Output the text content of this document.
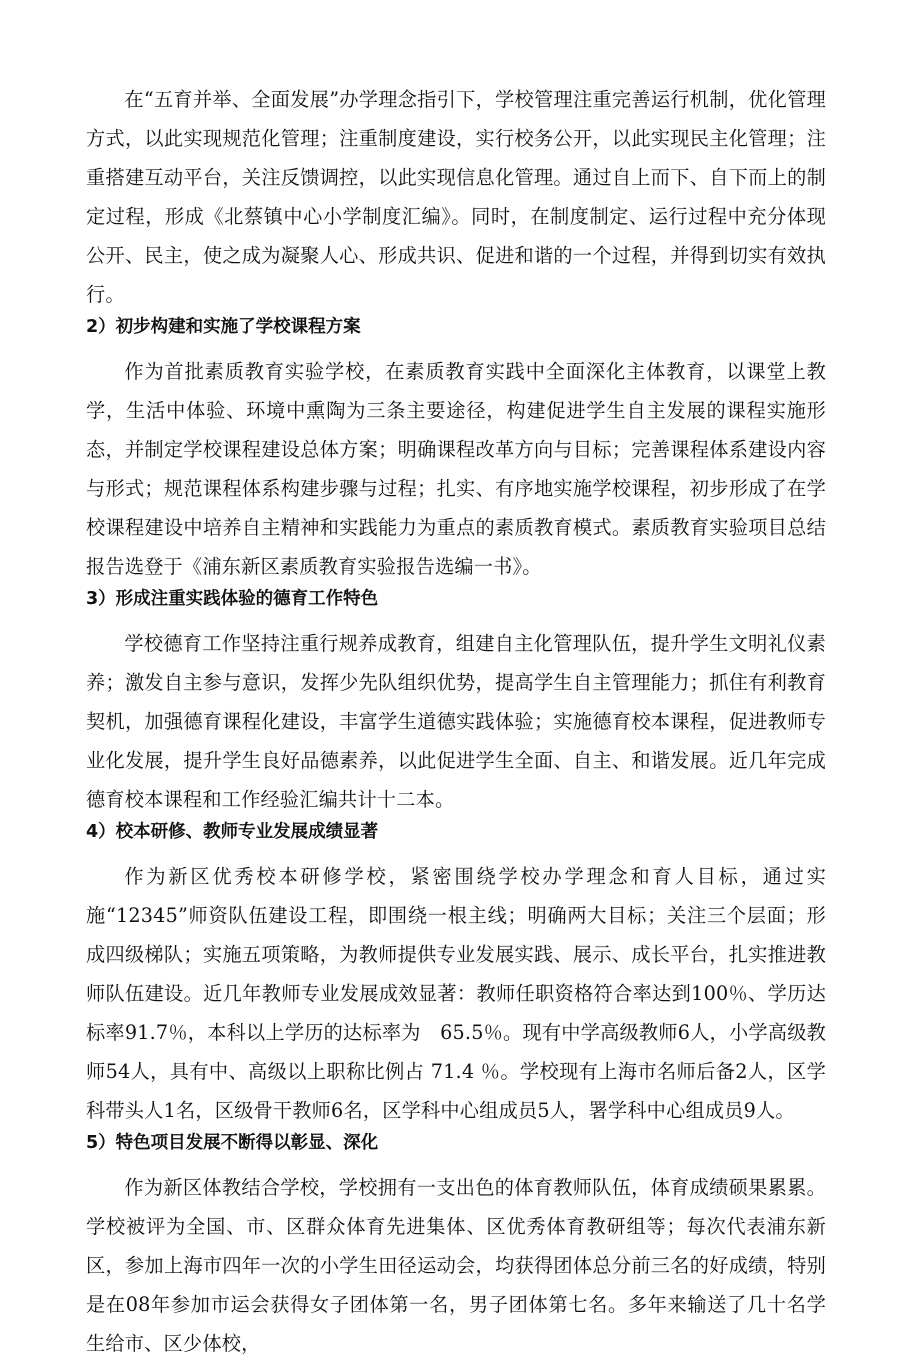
在“五育并举、全面发展”办学理念指引下，学校管理注重完善运行机制，优化管理方式，以此实现规范化管理；注重制度建设，实行校务公开，以此实现民主化管理；注重搭建互动平台，关注反馈调控，以此实现信息化管理。通过自上而下、自下而上的制定过程，形成《北蔡镇中心小学制度汇编》。同时，在制度制定、运行过程中充分体现公开、民主，使之成为凝聚人心、形成共识、促进和谐的一个过程，并得到切实有效执行。

2）初步构建和实施了学校课程方案

作为首批素质教育实验学校，在素质教育实践中全面深化主体教育，以课堂上教学，生活中体验、环境中熏陶为三条主要途径，构建促进学生自主发展的课程实施形态，并制定学校课程建设总体方案；明确课程改革方向与目标；完善课程体系建设内容与形式；规范课程体系构建步骤与过程；扎实、有序地实施学校课程，初步形成了在学校课程建设中培养自主精神和实践能力为重点的素质教育模式。素质教育实验项目总结报告选登于《浦东新区素质教育实验报告选编一书》。

3）形成注重实践体验的德育工作特色

学校德育工作坚持注重行规养成教育，组建自主化管理队伍，提升学生文明礼仪素养；激发自主参与意识，发挥少先队组织优势，提高学生自主管理能力；抓住有利教育契机，加强德育课程化建设，丰富学生道德实践体验；实施德育校本课程，促进教师专业化发展，提升学生良好品德素养，以此促进学生全面、自主、和谐发展。近几年完成德育校本课程和工作经验汇编共计十二本。

4）校本研修、教师专业发展成绩显著

作为新区优秀校本研修学校，紧密围绕学校办学理念和育人目标，通过实施“12345”师资队伍建设工程，即围绕一根主线；明确两大目标；关注三个层面；形成四级梯队；实施五项策略，为教师提供专业发展实践、展示、成长平台，扎实推进教师队伍建设。近几年教师专业发展成效显著：教师任职资格符合率达到100％、学历达标率91.7％，本科以上学历的达标率为　65.5％。现有中学高级教师6人，小学高级教师54人，具有中、高级以上职称比例占 71.4 ％。学校现有上海市名师后备2人，区学科带头人1名，区级骨干教师6名，区学科中心组成员5人，署学科中心组成员9人。

5）特色项目发展不断得以彰显、深化

作为新区体教结合学校，学校拥有一支出色的体育教师队伍，体育成绩硕果累累。学校被评为全国、市、区群众体育先进集体、区优秀体育教研组等；每次代表浦东新区，参加上海市四年一次的小学生田径运动会，均获得团体总分前三名的好成绩，特别是在08年参加市运会获得女子团体第一名，男子团体第七名。多年来输送了几十名学生给市、区少体校，
